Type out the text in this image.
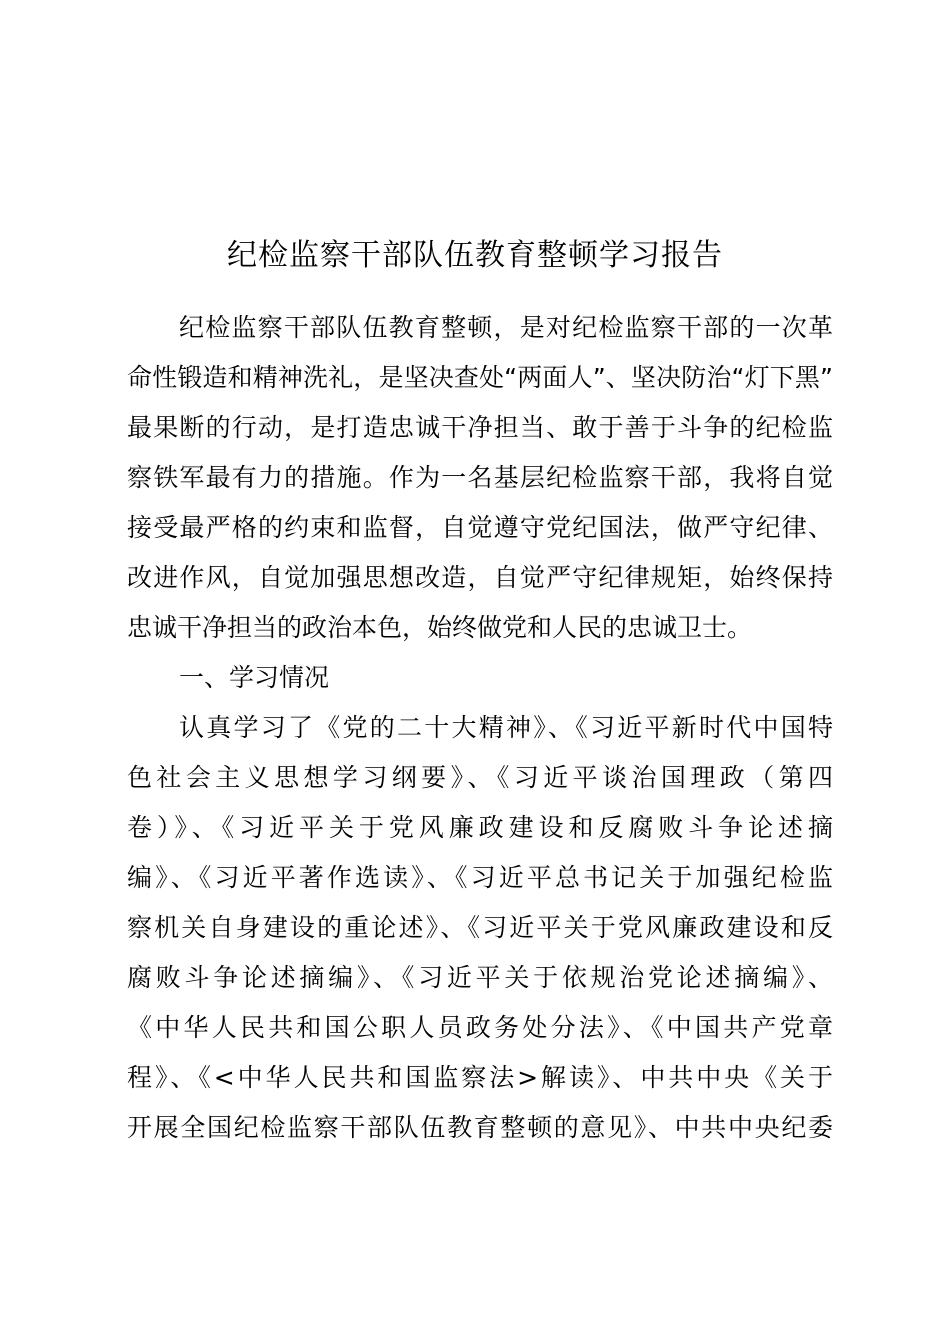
纪检监察干部队伍教育整顿学习报告
纪检监察干部队伍教育整顿，是对纪检监察干部的一次革
命性锻造和精神洗礼，是坚决查处“两面人”、坚决防治“灯下黑”
最果断的行动，是打造忠诚干净担当、敢于善于斗争的纪检监
察铁军最有力的措施。作为一名基层纪检监察干部，我将自觉
接受最严格的约束和监督，自觉遵守党纪国法，做严守纪律、
改进作风，自觉加强思想改造，自觉严守纪律规矩，始终保持
忠诚干净担当的政治本色，始终做党和人民的忠诚卫士。
一、学习情况
认真学习了《党的二十大精神》、《习近平新时代中国特
色社会主义思想学习纲要》、《习近平谈治国理政（第四
卷）》、《习近平关于党风廉政建设和反腐败斗争论述摘
编》、《习近平著作选读》、《习近平总书记关于加强纪检监
察机关自身建设的重论述》、《习近平关于党风廉政建设和反
腐败斗争论述摘编》、《习近平关于依规治党论述摘编》、
《中华人民共和国公职人员政务处分法》、《中国共产党章
程》、《<中华人民共和国监察法>解读》、中共中央《关于
开展全国纪检监察干部队伍教育整顿的意见》、中共中央纪委
